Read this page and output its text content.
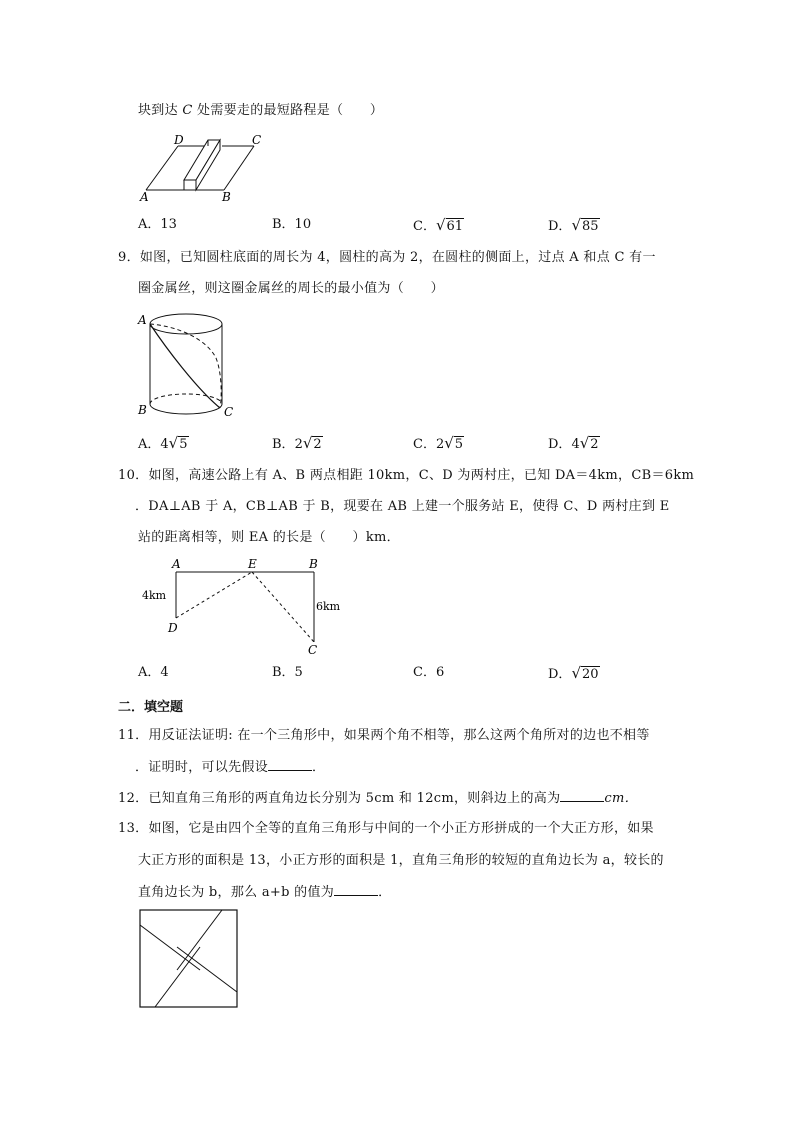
块到达 C 处需要走的最短路程是（　　）
D	C
A	B
A．13	B．10	C．√61	D．√85
9．如图，已知圆柱底面的周长为 4，圆柱的高为 2，在圆柱的侧面上，过点 A 和点 C 有一
圈金属丝，则这圈金属丝的周长的最小值为（　　）
A
B	C
A．4√5	B．2√2	C．2√5	D．4√2
10．如图，高速公路上有 A、B 两点相距 10km，C、D 为两村庄，已知 DA＝4km，CB＝6km
．DA⊥AB 于 A，CB⊥AB 于 B，现要在 AB 上建一个服务站 E，使得 C、D 两村庄到 E
站的距离相等，则 EA 的长是（　　）km．
A	E	B
D
C
4km
6km
A．4	B．5	C．6	D．√20
二．填空题
11．用反证法证明: 在一个三角形中，如果两个角不相等，那么这两个角所对的边也不相等
．证明时，可以先假设	．
12．已知直角三角形的两直角边长分别为 5cm 和 12cm，则斜边上的高为	cm．
13．如图，它是由四个全等的直角三角形与中间的一个小正方形拼成的一个大正方形，如果
大正方形的面积是 13，小正方形的面积是 1，直角三角形的较短的直角边长为 a，较长的
直角边长为 b，那么 a+b 的值为	．
